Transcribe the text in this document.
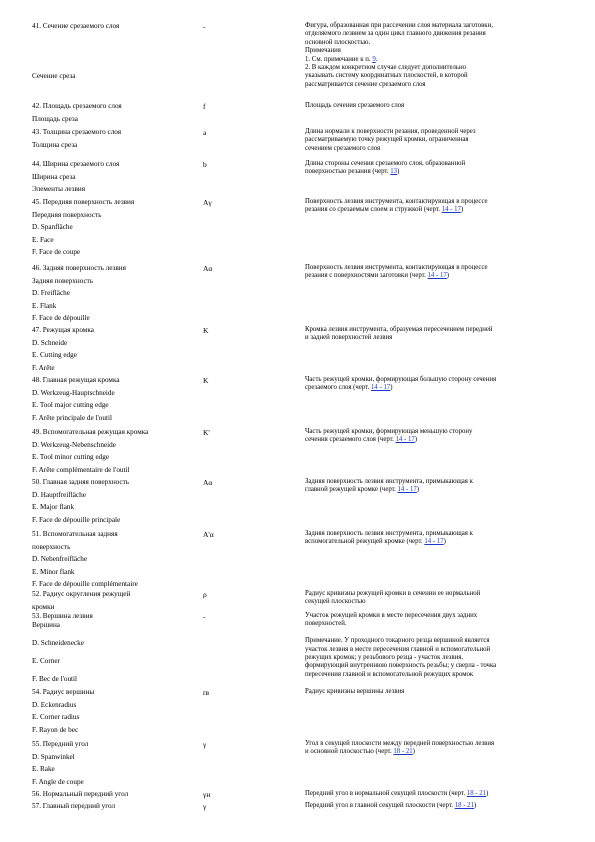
41. Сечение срезаемого слоя
Сечение среза
-	Фигура, образованная при рассечении слоя материала заготовки,
отделяемого лезвием за один цикл главного движения резания
основной плоскостью.
Примечания
1. См. примечание к п. 9.
2. В каждом конкретном случае следует дополнительно
указывать систему координатных плоскостей, в которой
рассматривается сечение срезаемого слоя
42. Площадь срезаемого слоя
Площадь среза
f	Площадь сечения срезаемого слоя
43. Толщина срезаемого слоя
Толщина среза
a	Длина нормали к поверхности резания, проведенной через
рассматриваемую точку режущей кромки, ограниченная
сечением срезаемого слоя
44. Ширина срезаемого слоя
Ширина среза
Элементы лезвия
b	Длина стороны сечения срезаемого слоя, образованной
поверхностью резания (черт. 13)
45. Передняя поверхность лезвия
Передняя поверхность
D. Spanfläche
E. Face
F. Face de coupe
Aγ	Поверхность лезвия инструмента, контактирующая в процессе
резания со срезаемым слоем и стружкой (черт. 14 - 17)
46. Задняя поверхность лезвия
Задняя поверхность
D. Freifläche
E. Flank
F. Face de dépouille
Aα	Поверхность лезвия инструмента, контактирующая в процессе
резания с поверхностями заготовки (черт. 14 - 17)
47. Режущая кромка
D. Schneide
E. Cutting edge
F. Arête
K	Кромка лезвия инструмента, образуемая пересечением передней
и задней поверхностей лезвия
48. Главная режущая кромка
D. Werkzeug-Hauptschneide
E. Tool major cutting edge
F. Arête principale de l'outil
K	Часть режущей кромки, формирующая большую сторону сечения
срезаемого слоя (черт. 14 - 17)
49. Вспомогательная режущая кромка
D. Werkzeug-Nebenschneide
E. Tool minor cutting edge
F. Arête complémentaire de l'outil
K'	Часть режущей кромки, формирующая меньшую сторону
сечения срезаемого слоя (черт. 14 - 17)
50. Главная задняя поверхность
D. Hauptfreifläche
E. Major flank
F. Face de dépouille principale
Aα	Задняя поверхность лезвия инструмента, примыкающая к
главной режущей кромке (черт. 14 - 17)
51. Вспомогательная задняя
поверхность
D. Nebenfreifläche
E. Minor flank
F. Face de dépouille complémentaire
A'α	Задняя поверхность лезвия инструмента, примыкающая к
вспомогательной режущей кромке (черт. 14 - 17)
52. Радиус округления режущей
кромки
ρ	Радиус кривизны режущей кромки в сечении ее нормальной
секущей плоскостью
53. Вершина лезвия
Вершина
D. Schneidenecke
E. Corner
F. Bec de l'outil
-	Участок режущей кромки в месте пересечения двух задних
поверхностей.
Примечание. У проходного токарного резца вершиной является
участок лезвия в месте пересечения главной и вспомогательной
режущих кромок; у резьбового резца - участок лезвия,
формирующий внутреннюю поверхность резьбы; у сверла - точка
пересечения главной и вспомогательной режущих кромок
54. Радиус вершины
D. Eckenradius
E. Corner radius
F. Rayon de bec
rв	Радиус кривизны вершины лезвия
55. Передний угол
D. Spanwinkel
E. Rake
F. Angle de coupe
γ	Угол в секущей плоскости между передней поверхностью лезвия
и основной плоскостью (черт. 18 - 21)
56. Нормальный передний угол	γн	Передний угол в нормальной секущей плоскости (черт. 18 - 21)
57. Главный передний угол	γ	Передний угол в главной секущей плоскости (черт. 18 - 21)
